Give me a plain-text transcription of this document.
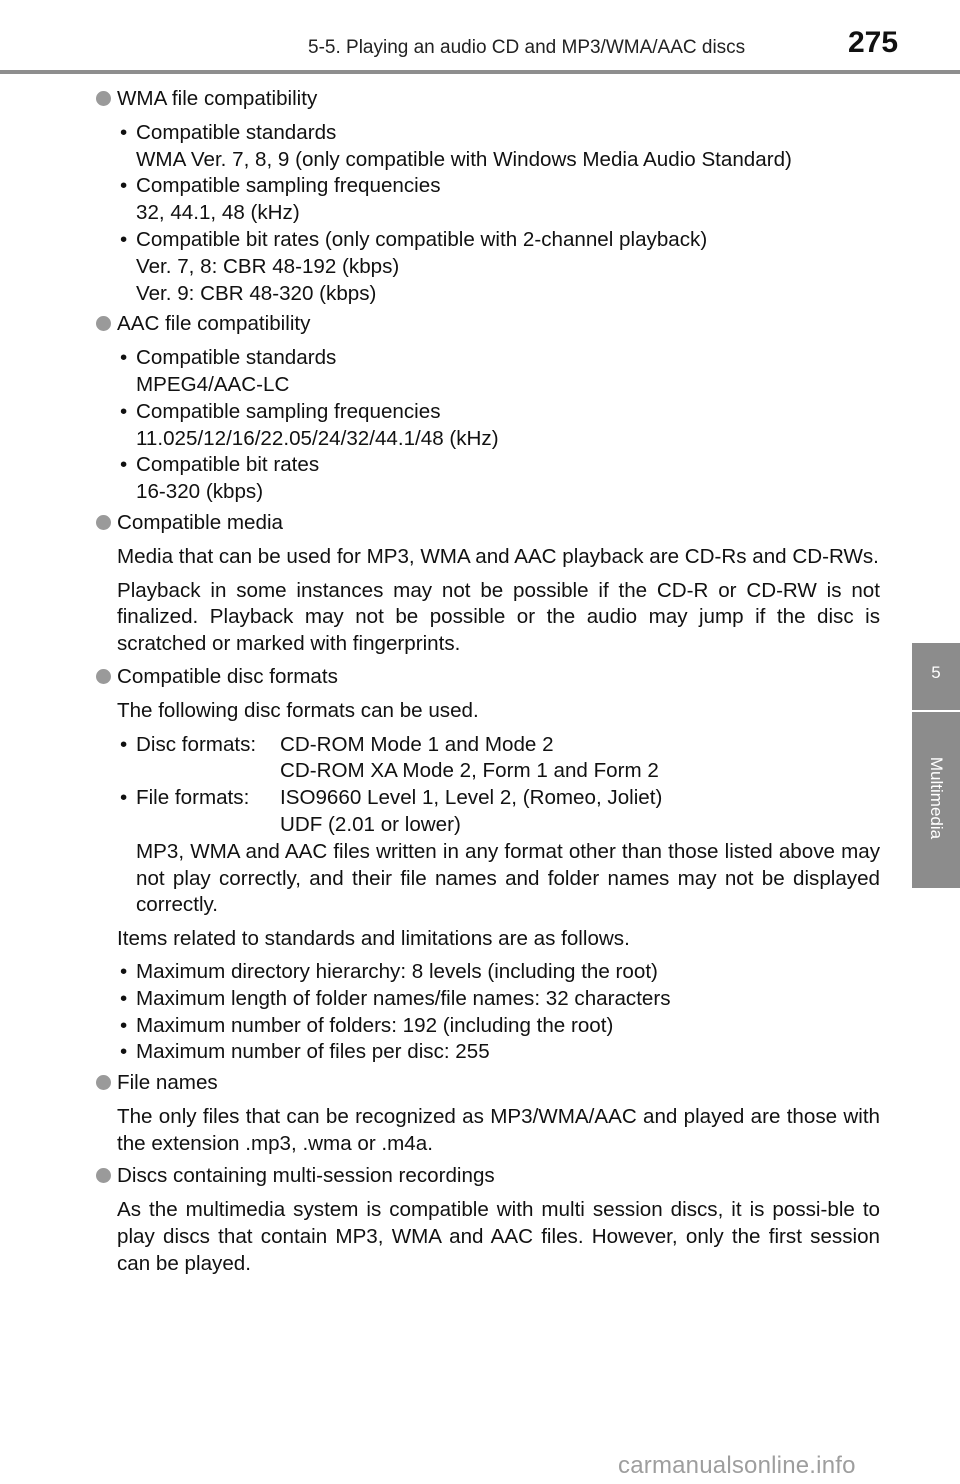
5-5. Playing an audio CD and MP3/WMA/AAC discs	275
5
Multimedia
WMA file compatibility
• Compatible standards
WMA Ver. 7, 8, 9 (only compatible with Windows Media Audio Standard)
• Compatible sampling frequencies
32, 44.1, 48 (kHz)
• Compatible bit rates (only compatible with 2-channel playback)
Ver. 7, 8: CBR 48-192 (kbps)
Ver. 9: CBR 48-320 (kbps)
AAC file compatibility
• Compatible standards
MPEG4/AAC-LC
• Compatible sampling frequencies
11.025/12/16/22.05/24/32/44.1/48 (kHz)
• Compatible bit rates
16-320 (kbps)
Compatible media
Media that can be used for MP3, WMA and AAC playback are CD-Rs and CD-RWs.
Playback in some instances may not be possible if the CD-R or CD-RW is not finalized. Playback may not be possible or the audio may jump if the disc is scratched or marked with fingerprints.
Compatible disc formats
The following disc formats can be used.
• Disc formats:	CD-ROM Mode 1 and Mode 2
CD-ROM XA Mode 2, Form 1 and Form 2
• File formats:	ISO9660 Level 1, Level 2, (Romeo, Joliet)
UDF (2.01 or lower)
MP3, WMA and AAC files written in any format other than those listed above may not play correctly, and their file names and folder names may not be displayed correctly.
Items related to standards and limitations are as follows.
• Maximum directory hierarchy: 8 levels (including the root)
• Maximum length of folder names/file names: 32 characters
• Maximum number of folders: 192 (including the root)
• Maximum number of files per disc: 255
File names
The only files that can be recognized as MP3/WMA/AAC and played are those with the extension .mp3, .wma or .m4a.
Discs containing multi-session recordings
As the multimedia system is compatible with multi session discs, it is possi-ble to play discs that contain MP3, WMA and AAC files. However, only the first session can be played.
carmanualsonline.info
